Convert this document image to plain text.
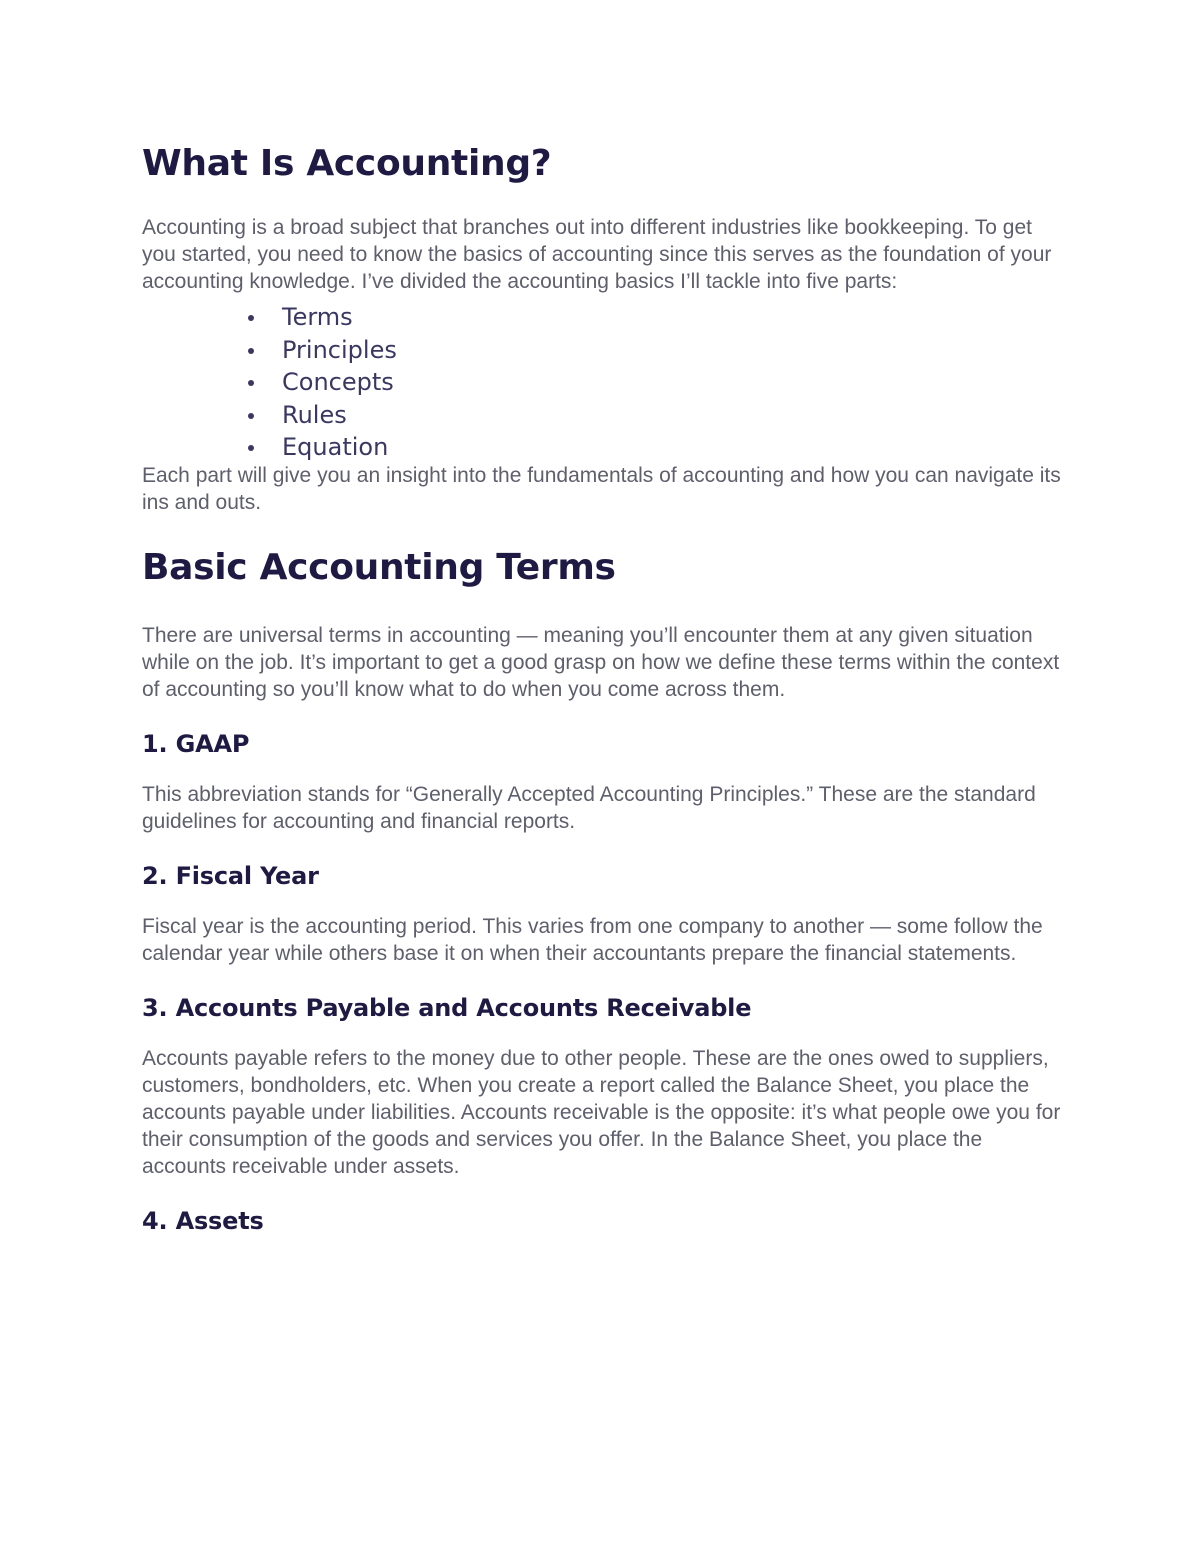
What Is Accounting?

Accounting is a broad subject that branches out into different industries like bookkeeping. To get you started, you need to know the basics of accounting since this serves as the foundation of your accounting knowledge. I’ve divided the accounting basics I’ll tackle into five parts:

Terms
Principles
Concepts
Rules
Equation

Each part will give you an insight into the fundamentals of accounting and how you can navigate its ins and outs.

Basic Accounting Terms

There are universal terms in accounting — meaning you’ll encounter them at any given situation while on the job. It’s important to get a good grasp on how we define these terms within the context of accounting so you’ll know what to do when you come across them.

1. GAAP

This abbreviation stands for “Generally Accepted Accounting Principles.” These are the standard guidelines for accounting and financial reports.

2. Fiscal Year

Fiscal year is the accounting period. This varies from one company to another — some follow the calendar year while others base it on when their accountants prepare the financial statements.

3. Accounts Payable and Accounts Receivable

Accounts payable refers to the money due to other people. These are the ones owed to suppliers, customers, bondholders, etc. When you create a report called the Balance Sheet, you place the accounts payable under liabilities. Accounts receivable is the opposite: it’s what people owe you for their consumption of the goods and services you offer. In the Balance Sheet, you place the accounts receivable under assets.

4. Assets
